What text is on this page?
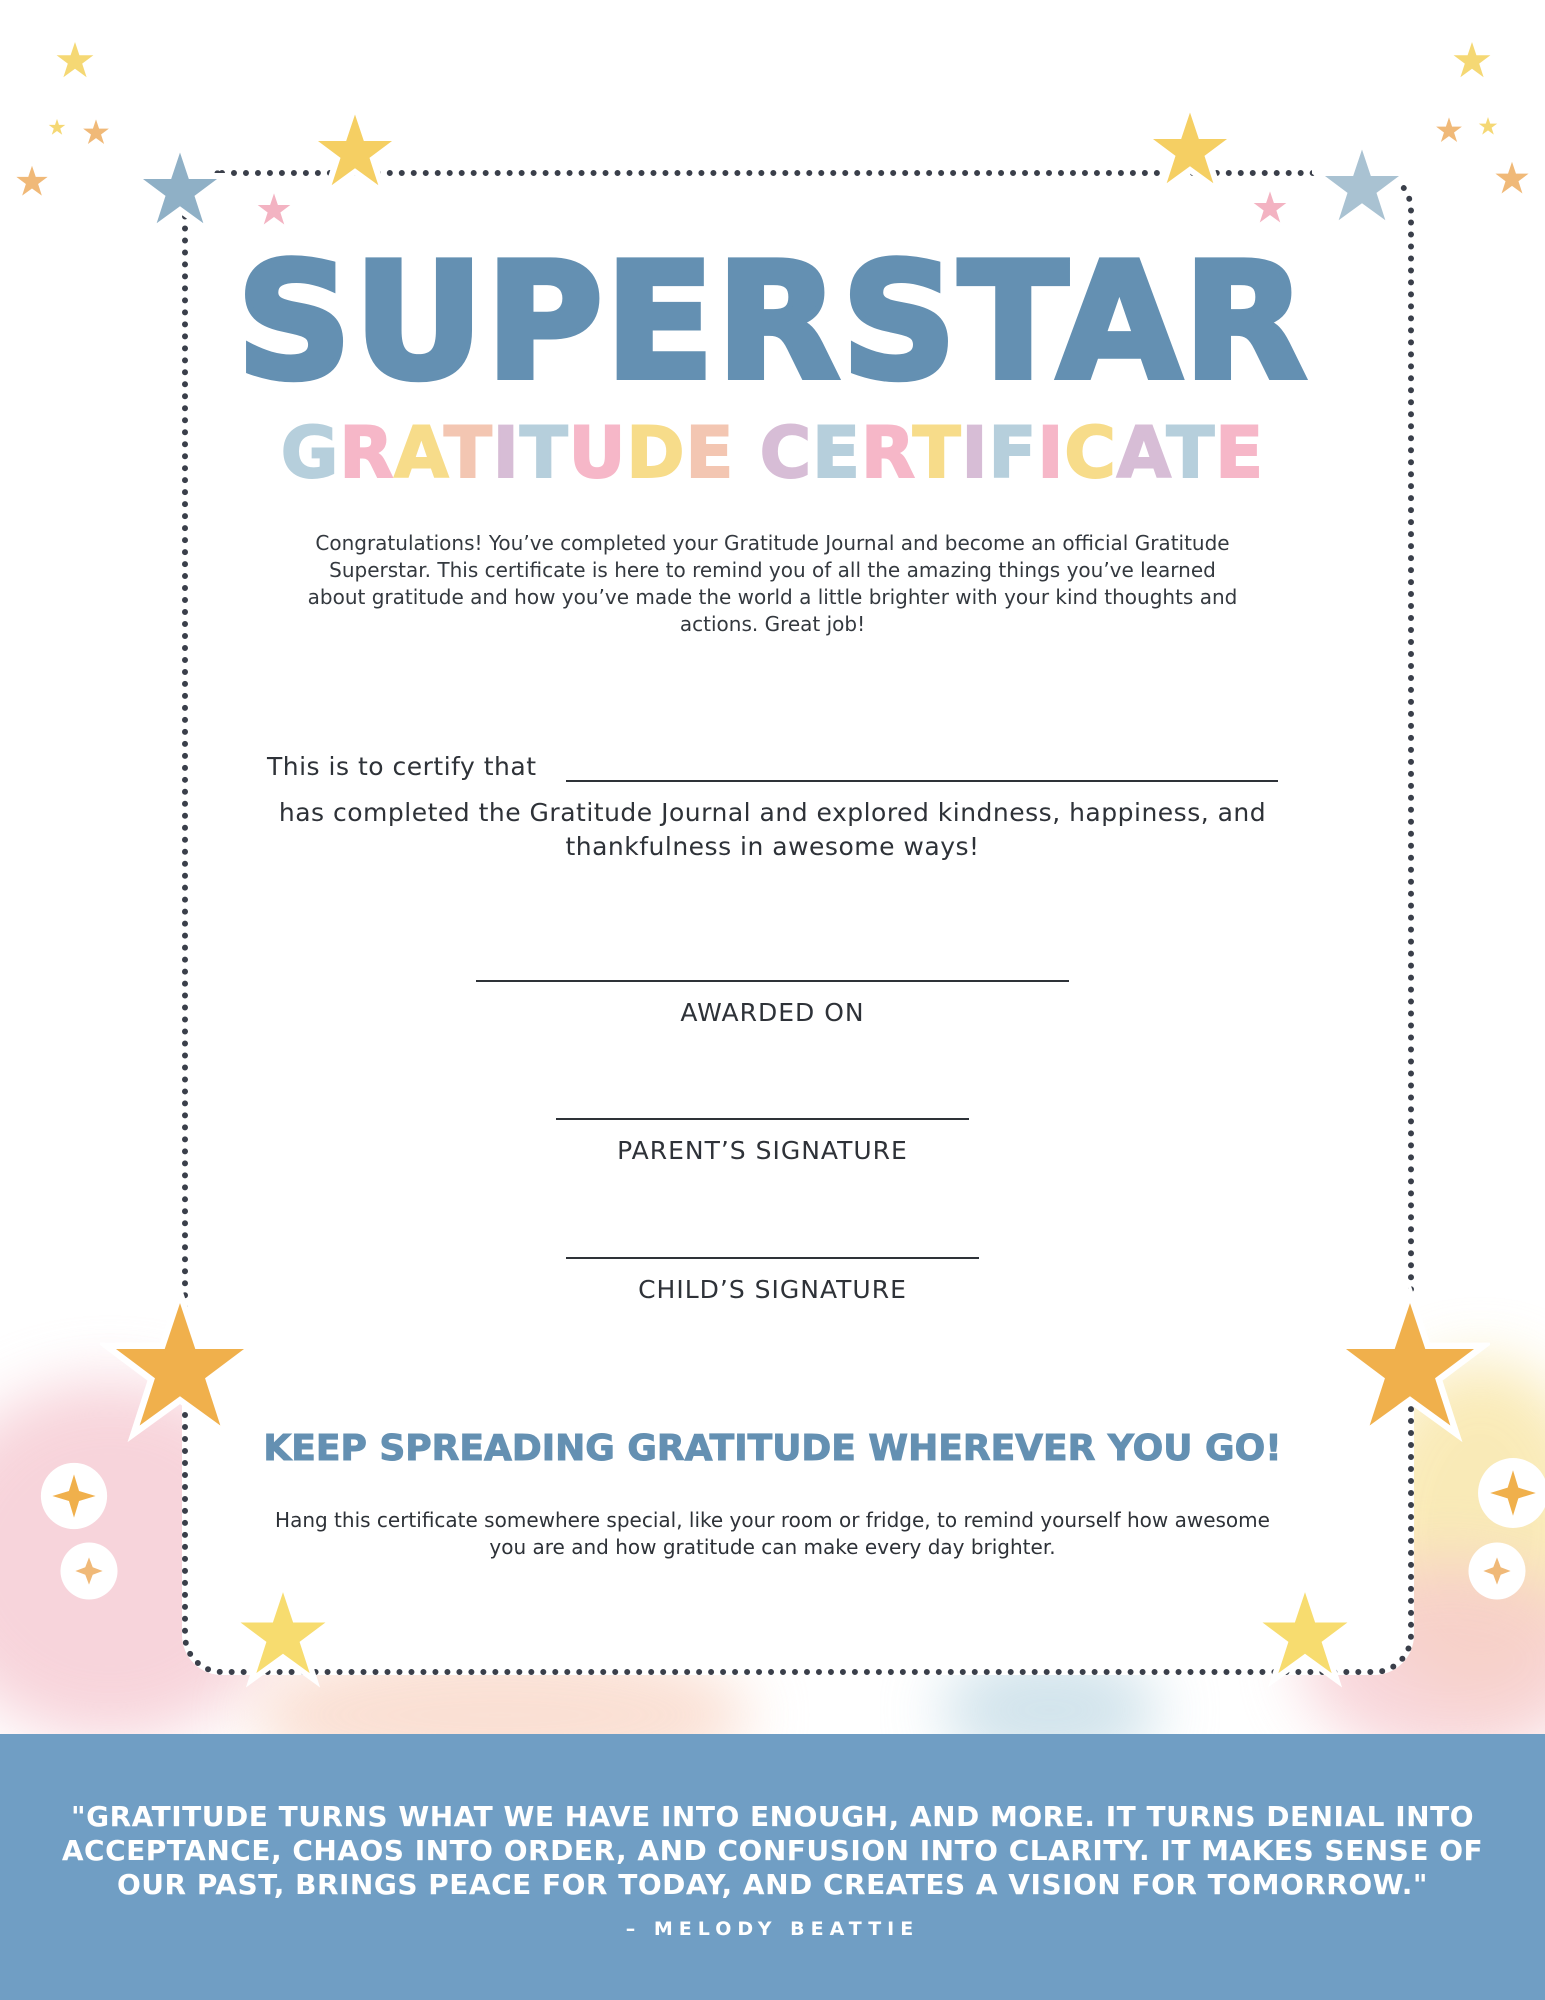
SUPERSTAR
GRATITUDE CERTIFICATE

Congratulations! You’ve completed your Gratitude Journal and become an official Gratitude Superstar. This certificate is here to remind you of all the amazing things you’ve learned about gratitude and how you’ve made the world a little brighter with your kind thoughts and actions. Great job!

This is to certify that

has completed the Gratitude Journal and explored kindness, happiness, and thankfulness in awesome ways!

AWARDED ON
PARENT’S SIGNATURE
CHILD’S SIGNATURE
KEEP SPREADING GRATITUDE WHEREVER YOU GO!

Hang this certificate somewhere special, like your room or fridge, to remind yourself how awesome you are and how gratitude can make every day brighter.

"GRATITUDE TURNS WHAT WE HAVE INTO ENOUGH, AND MORE. IT TURNS DENIAL INTO ACCEPTANCE, CHAOS INTO ORDER, AND CONFUSION INTO CLARITY. IT MAKES SENSE OF OUR PAST, BRINGS PEACE FOR TODAY, AND CREATES A VISION FOR TOMORROW."

– MELODY BEATTIE
